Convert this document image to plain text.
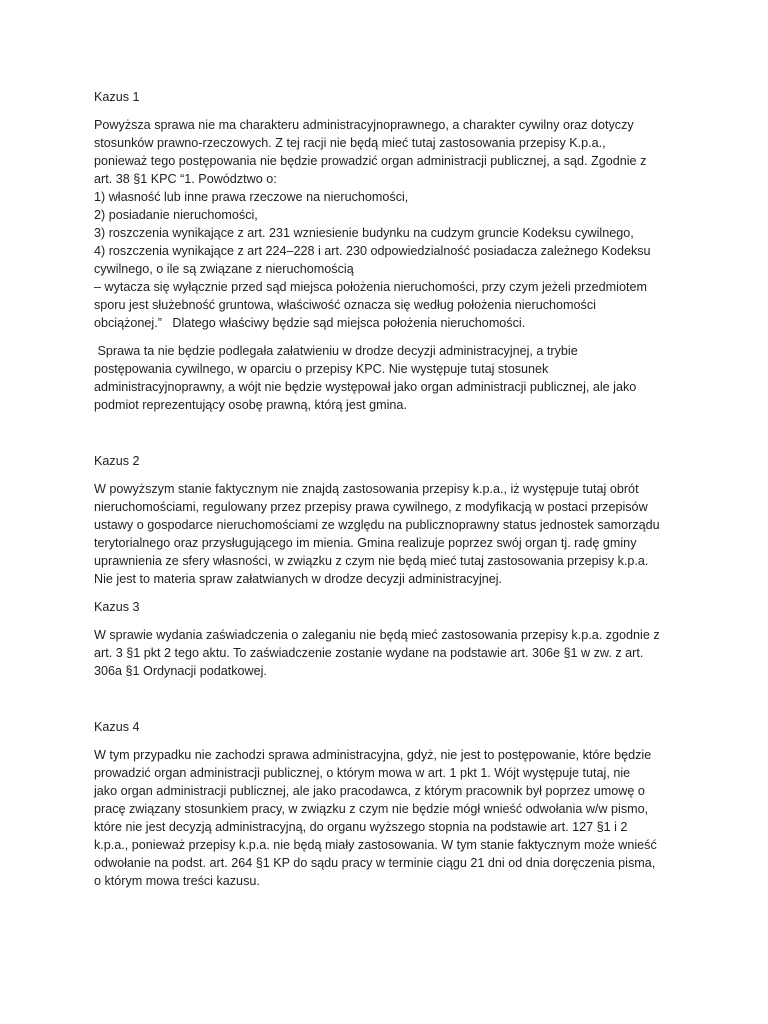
Kazus 1
Powyższa sprawa nie ma charakteru administracyjnoprawnego, a charakter cywilny oraz dotyczy
stosunków prawno-rzeczowych. Z tej racji nie będą mieć tutaj zastosowania przepisy K.p.a.,
ponieważ tego postępowania nie będzie prowadzić organ administracji publicznej, a sąd. Zgodnie z
art. 38 §1 KPC “1. Powództwo o:
1) własność lub inne prawa rzeczowe na nieruchomości,
2) posiadanie nieruchomości,
3) roszczenia wynikające z art. 231 wzniesienie budynku na cudzym gruncie Kodeksu cywilnego,
4) roszczenia wynikające z art 224–228 i art. 230 odpowiedzialność posiadacza zależnego Kodeksu
cywilnego, o ile są związane z nieruchomością
– wytacza się wyłącznie przed sąd miejsca położenia nieruchomości, przy czym jeżeli przedmiotem
sporu jest służebność gruntowa, właściwość oznacza się według położenia nieruchomości
obciążonej.”   Dlatego właściwy będzie sąd miejsca położenia nieruchomości.
Sprawa ta nie będzie podlegała załatwieniu w drodze decyzji administracyjnej, a trybie
postępowania cywilnego, w oparciu o przepisy KPC. Nie występuje tutaj stosunek
administracyjnoprawny, a wójt nie będzie występował jako organ administracji publicznej, ale jako
podmiot reprezentujący osobę prawną, którą jest gmina.
Kazus 2
W powyższym stanie faktycznym nie znajdą zastosowania przepisy k.p.a., iż występuje tutaj obrót
nieruchomościami, regulowany przez przepisy prawa cywilnego, z modyfikacją w postaci przepisów
ustawy o gospodarce nieruchomościami ze względu na publicznoprawny status jednostek samorządu
terytorialnego oraz przysługującego im mienia. Gmina realizuje poprzez swój organ tj. radę gminy
uprawnienia ze sfery własności, w związku z czym nie będą mieć tutaj zastosowania przepisy k.p.a.
Nie jest to materia spraw załatwianych w drodze decyzji administracyjnej.
Kazus 3
W sprawie wydania zaświadczenia o zaleganiu nie będą mieć zastosowania przepisy k.p.a. zgodnie z
art. 3 §1 pkt 2 tego aktu. To zaświadczenie zostanie wydane na podstawie art. 306e §1 w zw. z art.
306a §1 Ordynacji podatkowej.
Kazus 4
W tym przypadku nie zachodzi sprawa administracyjna, gdyż, nie jest to postępowanie, które będzie
prowadzić organ administracji publicznej, o którym mowa w art. 1 pkt 1. Wójt występuje tutaj, nie
jako organ administracji publicznej, ale jako pracodawca, z którym pracownik był poprzez umowę o
pracę związany stosunkiem pracy, w związku z czym nie będzie mógł wnieść odwołania w/w pismo,
które nie jest decyzją administracyjną, do organu wyższego stopnia na podstawie art. 127 §1 i 2
k.p.a., ponieważ przepisy k.p.a. nie będą miały zastosowania. W tym stanie faktycznym może wnieść
odwołanie na podst. art. 264 §1 KP do sądu pracy w terminie ciągu 21 dni od dnia doręczenia pisma,
o którym mowa treści kazusu.
